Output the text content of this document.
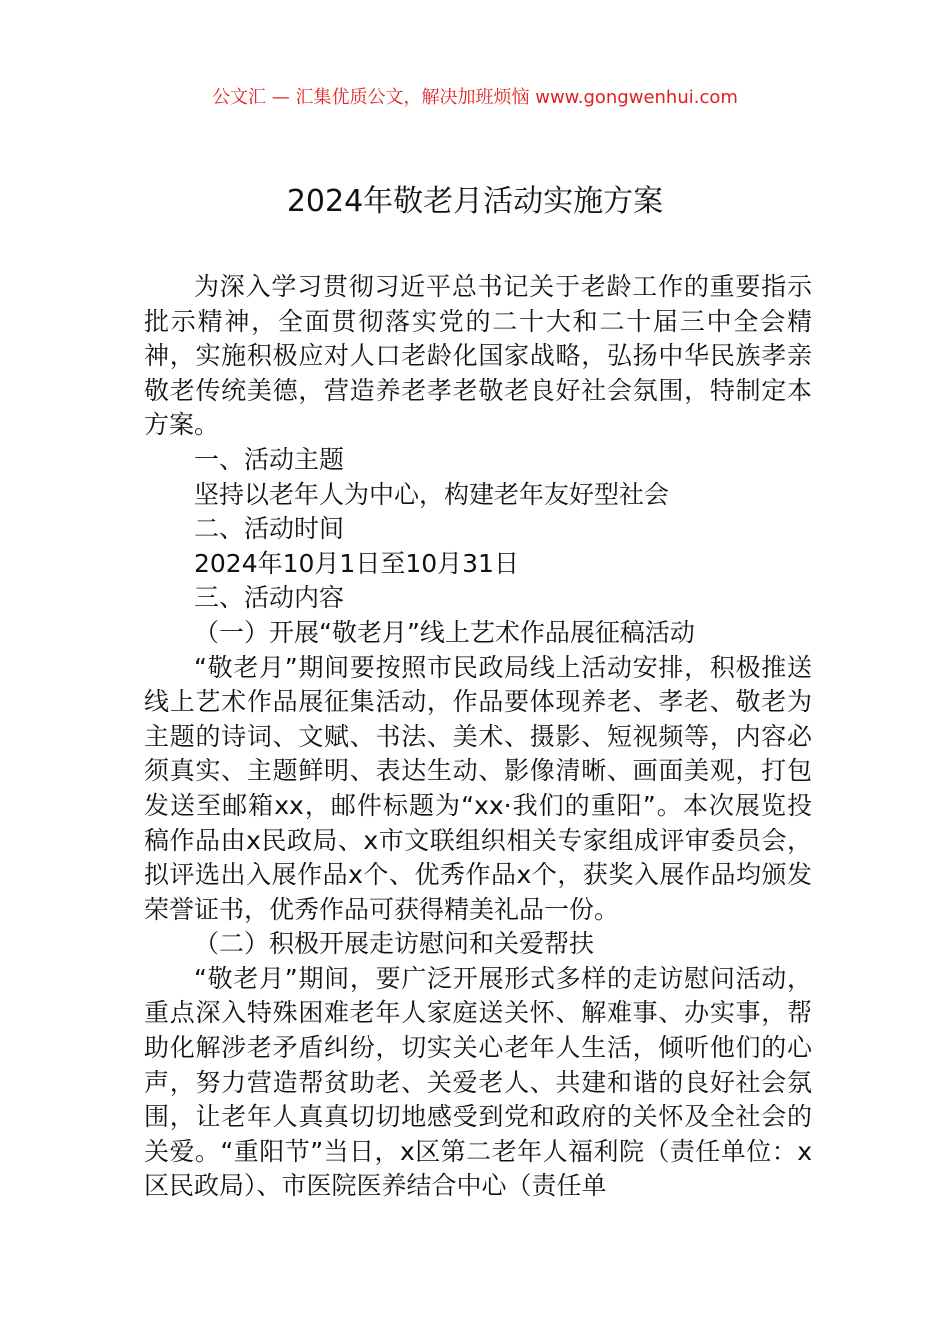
公文汇 — 汇集优质公文，解决加班烦恼 www.gongwenhui.com
2024年敬老月活动实施方案

为深入学习贯彻习近平总书记关于老龄工作的重要指示批示精神，全面贯彻落实党的二十大和二十届三中全会精神，实施积极应对人口老龄化国家战略，弘扬中华民族孝亲敬老传统美德，营造养老孝老敬老良好社会氛围，特制定本方案。

一、活动主题

坚持以老年人为中心，构建老年友好型社会

二、活动时间

2024年10月1日至10月31日

三、活动内容

（一）开展“敬老月”线上艺术作品展征稿活动

“敬老月”期间要按照市民政局线上活动安排，积极推送线上艺术作品展征集活动，作品要体现养老、孝老、敬老为主题的诗词、文赋、书法、美术、摄影、短视频等，内容必须真实、主题鲜明、表达生动、影像清晰、画面美观，打包发送至邮箱xx，邮件标题为“xx·我们的重阳”。本次展览投稿作品由x民政局、x市文联组织相关专家组成评审委员会，拟评选出入展作品x个、优秀作品x个，获奖入展作品均颁发荣誉证书，优秀作品可获得精美礼品一份。

（二）积极开展走访慰问和关爱帮扶

“敬老月”期间，要广泛开展形式多样的走访慰问活动，重点深入特殊困难老年人家庭送关怀、解难事、办实事，帮助化解涉老矛盾纠纷，切实关心老年人生活，倾听他们的心声，努力营造帮贫助老、关爱老人、共建和谐的良好社会氛围，让老年人真真切切地感受到党和政府的关怀及全社会的关爱。“重阳节”当日，x区第二老年人福利院（责任单位：x区民政局）、市医院医养结合中心（责任单
